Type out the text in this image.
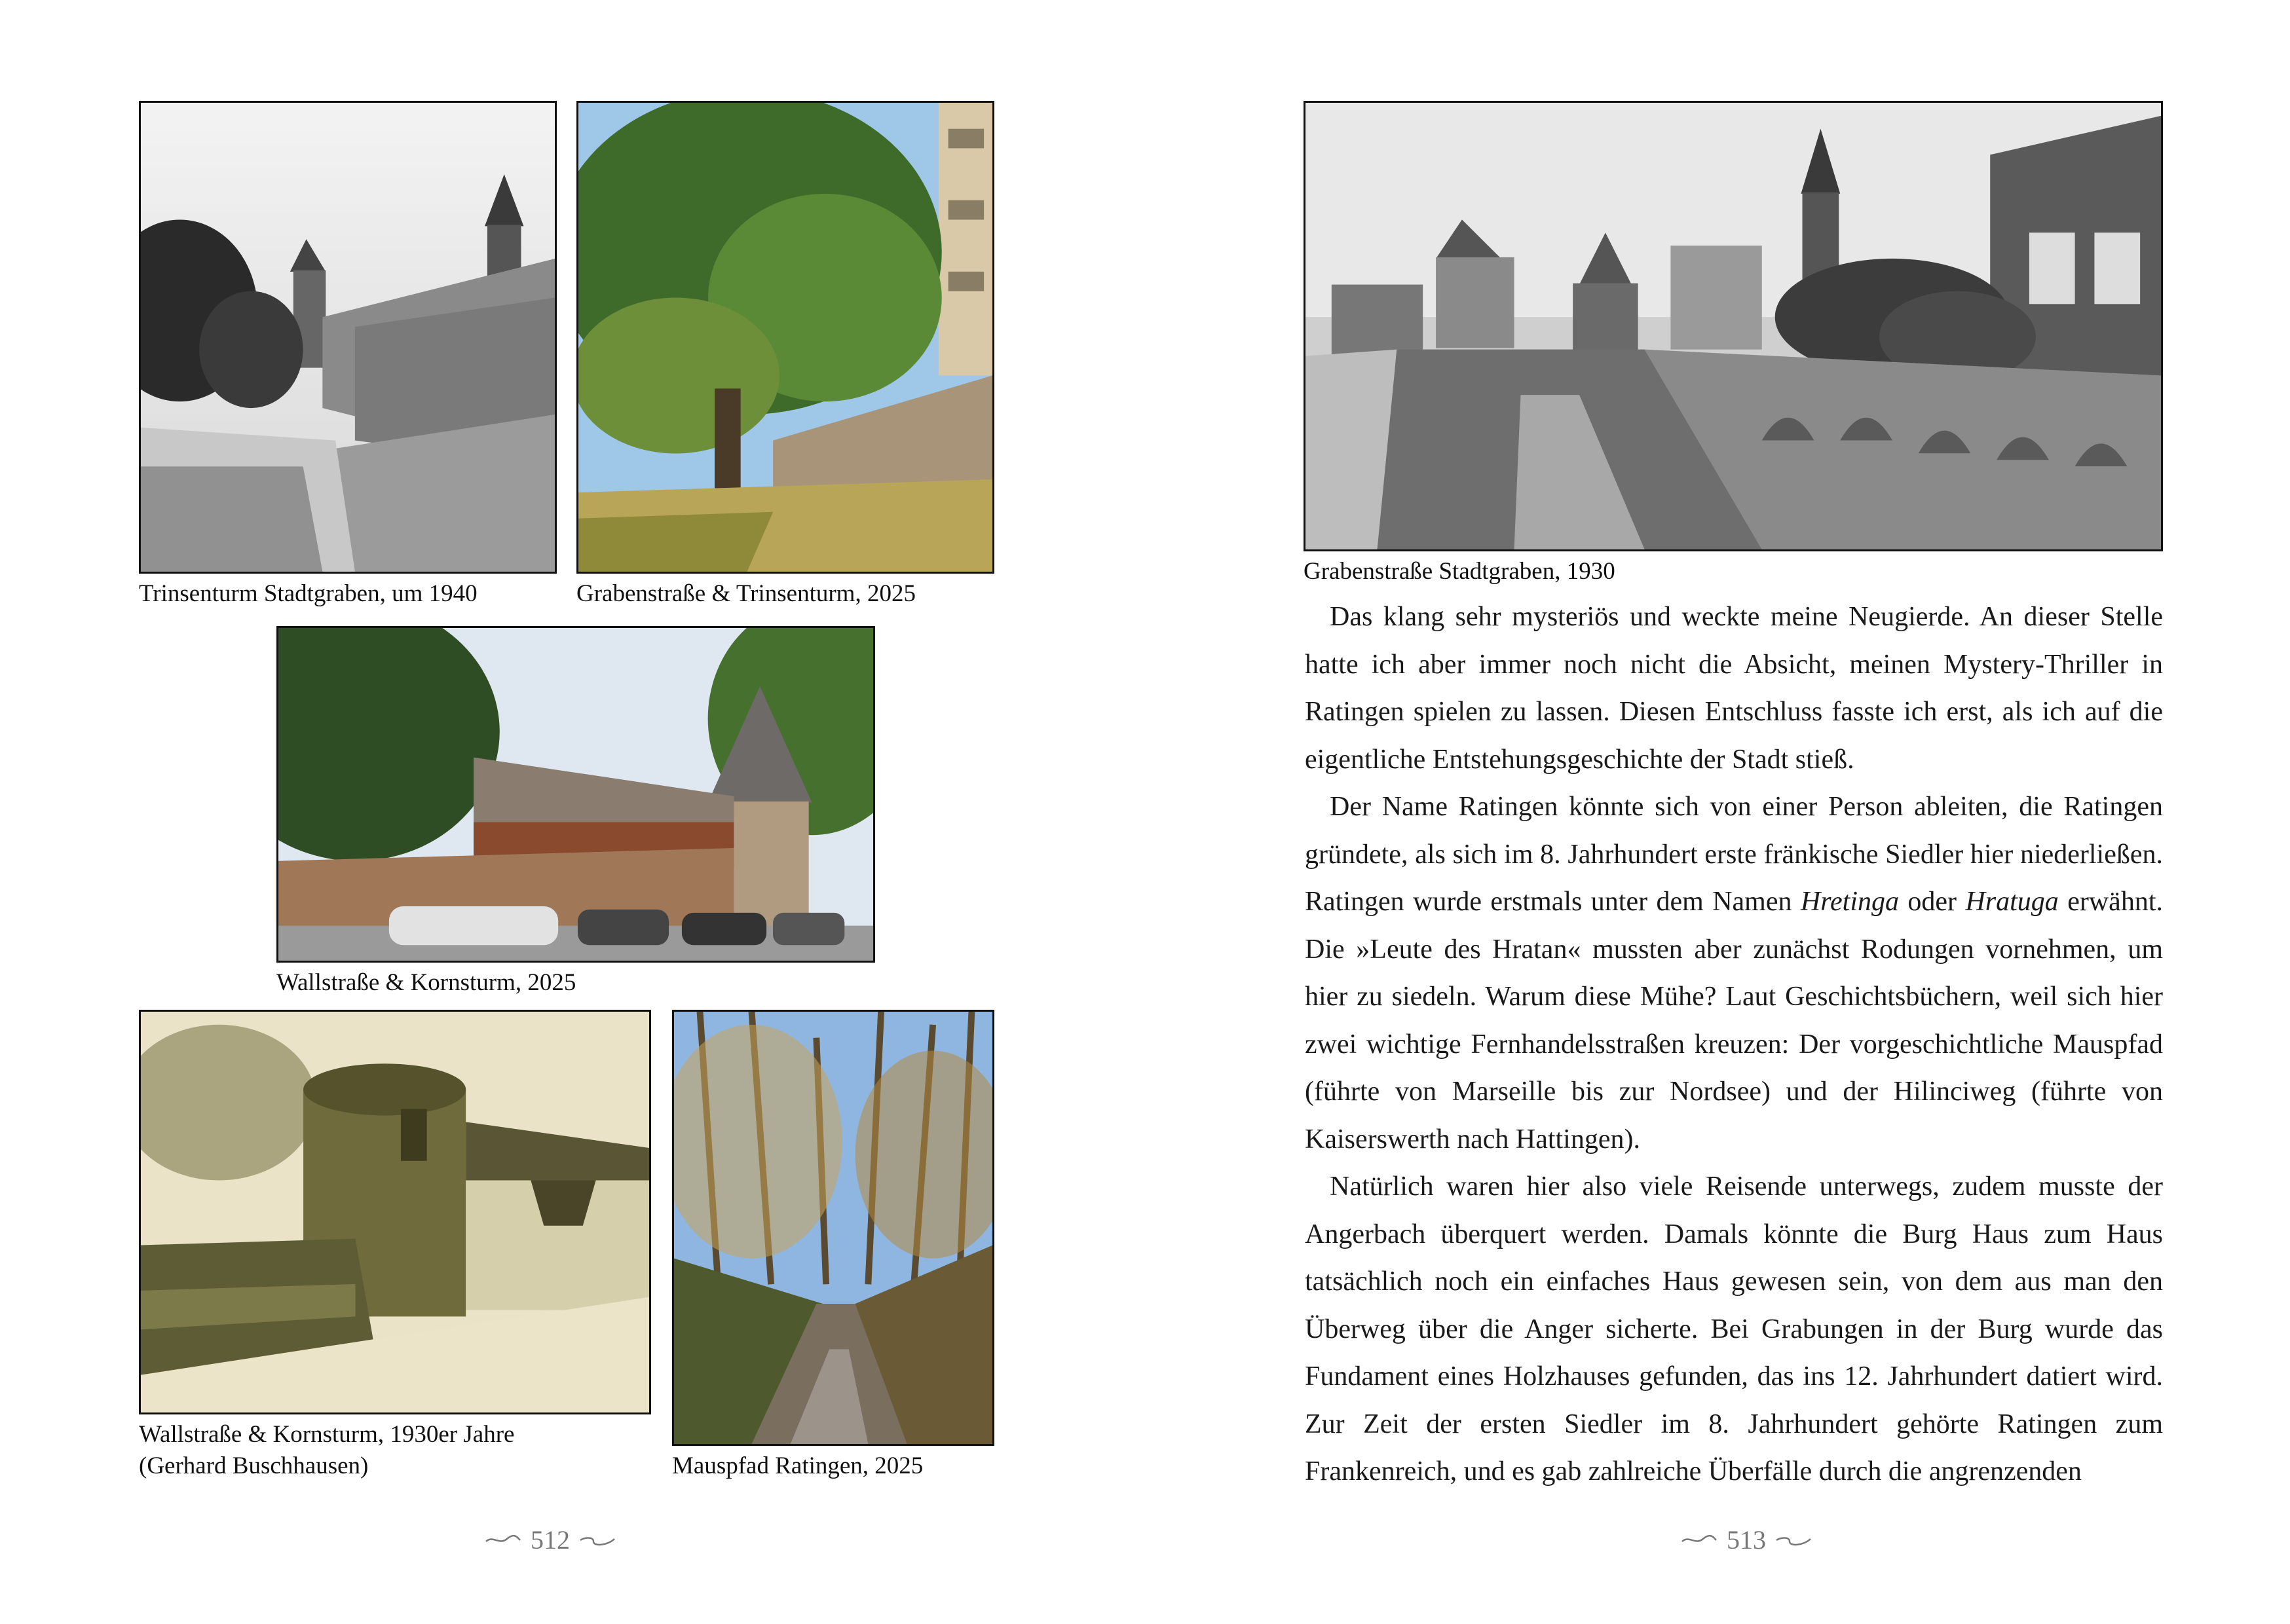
Trinsenturm Stadtgraben, um 1940	Grabenstraße & Trinsenturm, 2025
Wallstraße & Kornsturm, 2025
Wallstraße & Kornsturm, 1930er Jahre
(Gerhard Buschhausen)	Mauspfad Ratingen, 2025
512
Grabenstraße Stadtgraben, 1930

Das klang sehr mysteriös und weckte meine Neugierde. An dieser Stelle hatte ich aber immer noch nicht die Absicht, meinen Mystery-Thriller in Ratingen spielen zu lassen. Diesen Entschluss fasste ich erst, als ich auf die eigentliche Entstehungsgeschichte der Stadt stieß.

Der Name Ratingen könnte sich von einer Person ableiten, die Ratingen gründete, als sich im 8. Jahrhundert erste fränkische Siedler hier niederließen. Ratingen wurde erstmals unter dem Namen Hretinga oder Hratuga erwähnt. Die »Leute des Hratan« mussten aber zunächst Rodungen vornehmen, um hier zu siedeln. Warum diese Mühe? Laut Geschichtsbüchern, weil sich hier zwei wichtige Fernhandelsstraßen kreuzen: Der vorgeschichtliche Mauspfad (führte von Marseille bis zur Nordsee) und der Hilinciweg (führte von Kaiserswerth nach Hattingen).

Natürlich waren hier also viele Reisende unterwegs, zudem musste der Angerbach überquert werden. Damals könnte die Burg Haus zum Haus tatsächlich noch ein einfaches Haus gewesen sein, von dem aus man den Überweg über die Anger sicherte. Bei Grabungen in der Burg wurde das Fundament eines Holzhauses gefunden, das ins 12. Jahrhundert datiert wird. Zur Zeit der ersten Siedler im 8. Jahrhundert gehörte Ratingen zum Frankenreich, und es gab zahlreiche Überfälle durch die angrenzenden

513
